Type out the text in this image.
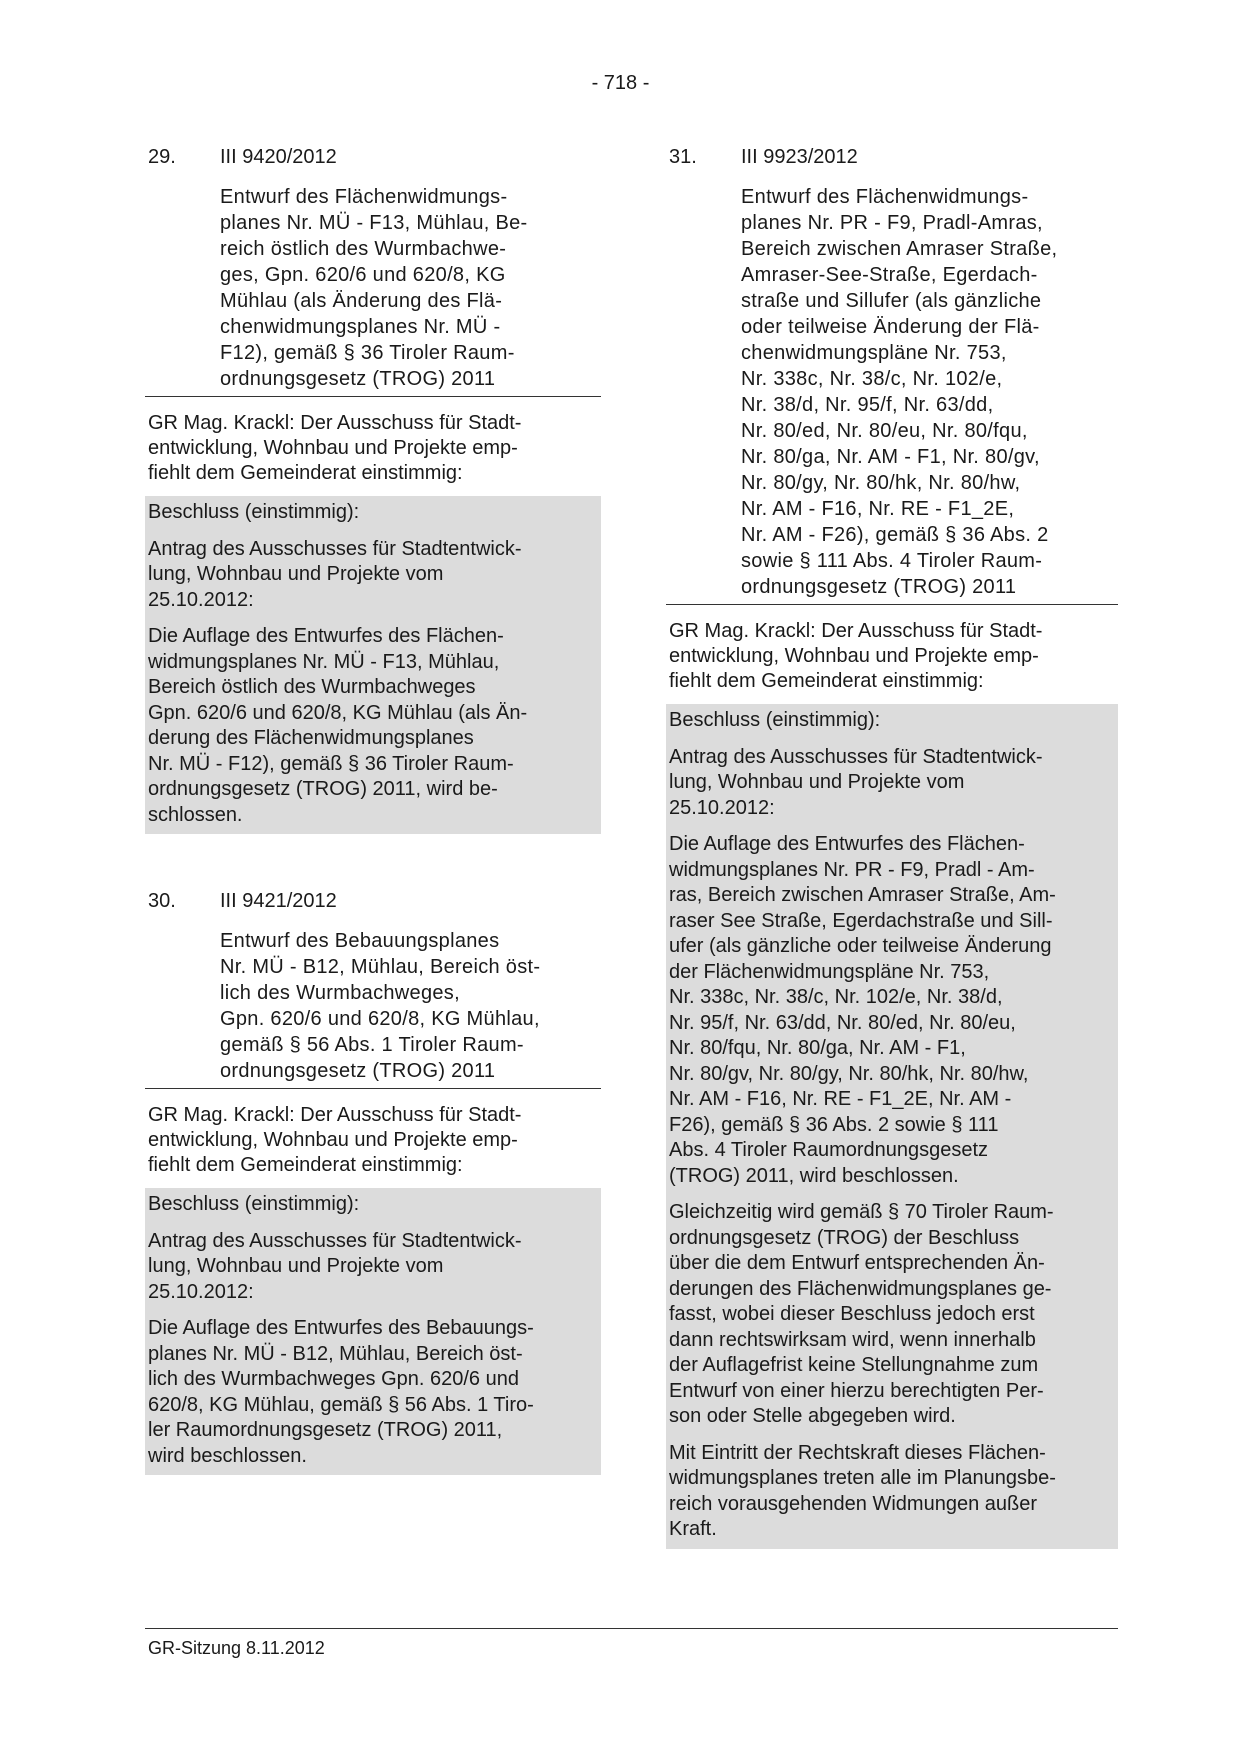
- 718 -
29. III 9420/2012
Entwurf des Flächenwidmungs-
planes Nr. MÜ - F13, Mühlau, Be-
reich östlich des Wurmbachwe-
ges, Gpn. 620/6 und 620/8, KG
Mühlau (als Änderung des Flä-
chenwidmungsplanes Nr. MÜ -
F12), gemäß § 36 Tiroler Raum-
ordnungsgesetz (TROG) 2011
GR Mag. Krackl: Der Ausschuss für Stadt-
entwicklung, Wohnbau und Projekte emp-
fiehlt dem Gemeinderat einstimmig:

Beschluss (einstimmig):

Antrag des Ausschusses für Stadtentwick-
lung, Wohnbau und Projekte vom
25.10.2012:

Die Auflage des Entwurfes des Flächen-
widmungsplanes Nr. MÜ - F13, Mühlau,
Bereich östlich des Wurmbachweges
Gpn. 620/6 und 620/8, KG Mühlau (als Än-
derung des Flächenwidmungsplanes
Nr. MÜ - F12), gemäß § 36 Tiroler Raum-
ordnungsgesetz (TROG) 2011, wird be-
schlossen.

30. III 9421/2012
Entwurf des Bebauungsplanes
Nr. MÜ - B12, Mühlau, Bereich öst-
lich des Wurmbachweges,
Gpn. 620/6 und 620/8, KG Mühlau,
gemäß § 56 Abs. 1 Tiroler Raum-
ordnungsgesetz (TROG) 2011
GR Mag. Krackl: Der Ausschuss für Stadt-
entwicklung, Wohnbau und Projekte emp-
fiehlt dem Gemeinderat einstimmig:

Beschluss (einstimmig):

Antrag des Ausschusses für Stadtentwick-
lung, Wohnbau und Projekte vom
25.10.2012:

Die Auflage des Entwurfes des Bebauungs-
planes Nr. MÜ - B12, Mühlau, Bereich öst-
lich des Wurmbachweges Gpn. 620/6 und
620/8, KG Mühlau, gemäß § 56 Abs. 1 Tiro-
ler Raumordnungsgesetz (TROG) 2011,
wird beschlossen.

31. III 9923/2012
Entwurf des Flächenwidmungs-
planes Nr. PR - F9, Pradl-Amras,
Bereich zwischen Amraser Straße,
Amraser-See-Straße, Egerdach-
straße und Sillufer (als gänzliche
oder teilweise Änderung der Flä-
chenwidmungspläne Nr. 753,
Nr. 338c, Nr. 38/c, Nr. 102/e,
Nr. 38/d, Nr. 95/f, Nr. 63/dd,
Nr. 80/ed, Nr. 80/eu, Nr. 80/fqu,
Nr. 80/ga, Nr. AM - F1, Nr. 80/gv,
Nr. 80/gy, Nr. 80/hk, Nr. 80/hw,
Nr. AM - F16, Nr. RE - F1_2E,
Nr. AM - F26), gemäß § 36 Abs. 2
sowie § 111 Abs. 4 Tiroler Raum-
ordnungsgesetz (TROG) 2011
GR Mag. Krackl: Der Ausschuss für Stadt-
entwicklung, Wohnbau und Projekte emp-
fiehlt dem Gemeinderat einstimmig:

Beschluss (einstimmig):

Antrag des Ausschusses für Stadtentwick-
lung, Wohnbau und Projekte vom
25.10.2012:

Die Auflage des Entwurfes des Flächen-
widmungsplanes Nr. PR - F9, Pradl - Am-
ras, Bereich zwischen Amraser Straße, Am-
raser See Straße, Egerdachstraße und Sill-
ufer (als gänzliche oder teilweise Änderung
der Flächenwidmungspläne Nr. 753,
Nr. 338c, Nr. 38/c, Nr. 102/e, Nr. 38/d,
Nr. 95/f, Nr. 63/dd, Nr. 80/ed, Nr. 80/eu,
Nr. 80/fqu, Nr. 80/ga, Nr. AM - F1,
Nr. 80/gv, Nr. 80/gy, Nr. 80/hk, Nr. 80/hw,
Nr. AM - F16, Nr. RE - F1_2E, Nr. AM -
F26), gemäß § 36 Abs. 2 sowie § 111
Abs. 4 Tiroler Raumordnungsgesetz
(TROG) 2011, wird beschlossen.

Gleichzeitig wird gemäß § 70 Tiroler Raum-
ordnungsgesetz (TROG) der Beschluss
über die dem Entwurf entsprechenden Än-
derungen des Flächenwidmungsplanes ge-
fasst, wobei dieser Beschluss jedoch erst
dann rechtswirksam wird, wenn innerhalb
der Auflagefrist keine Stellungnahme zum
Entwurf von einer hierzu berechtigten Per-
son oder Stelle abgegeben wird.

Mit Eintritt der Rechtskraft dieses Flächen-
widmungsplanes treten alle im Planungsbe-
reich vorausgehenden Widmungen außer
Kraft.

GR-Sitzung 8.11.2012
